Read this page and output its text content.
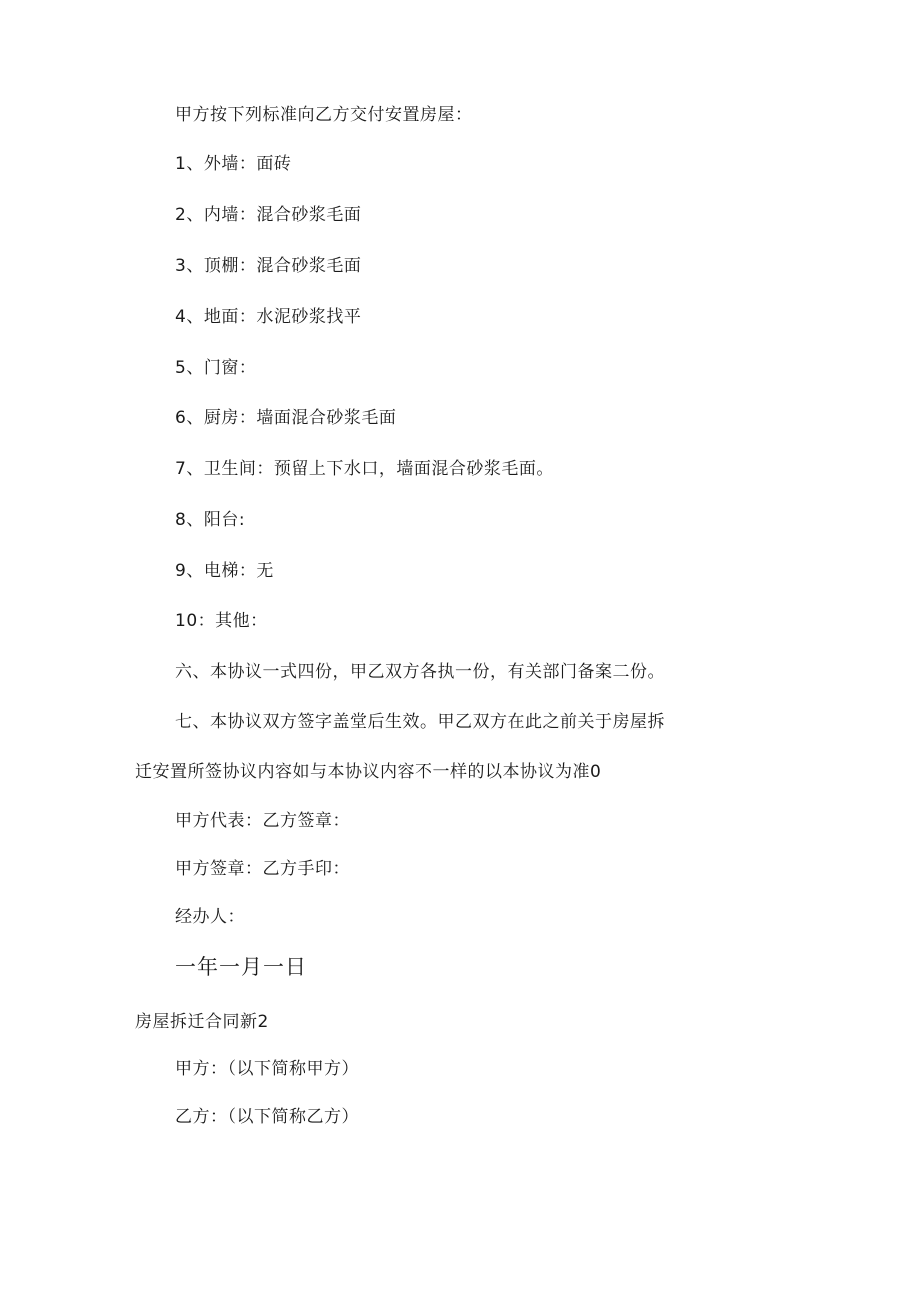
甲方按下列标准向乙方交付安置房屋：
1、外墙：面砖
2、内墙：混合砂浆毛面
3、顶棚：混合砂浆毛面
4、地面：水泥砂浆找平
5、门窗：
6、厨房：墙面混合砂浆毛面
7、卫生间：预留上下水口，墙面混合砂浆毛面。
8、阳台:
9、电梯：无
10：其他：
六、本协议一式四份，甲乙双方各执一份，有关部门备案二份。
七、本协议双方签字盖堂后生效。甲乙双方在此之前关于房屋拆
迁安置所签协议内容如与本协议内容不一样的以本协议为准0
甲方代表：乙方签章：
甲方签章：乙方手印：
经办人：
一年一月一日
房屋拆迁合同新2
甲方：（以下简称甲方）
乙方：（以下简称乙方）
